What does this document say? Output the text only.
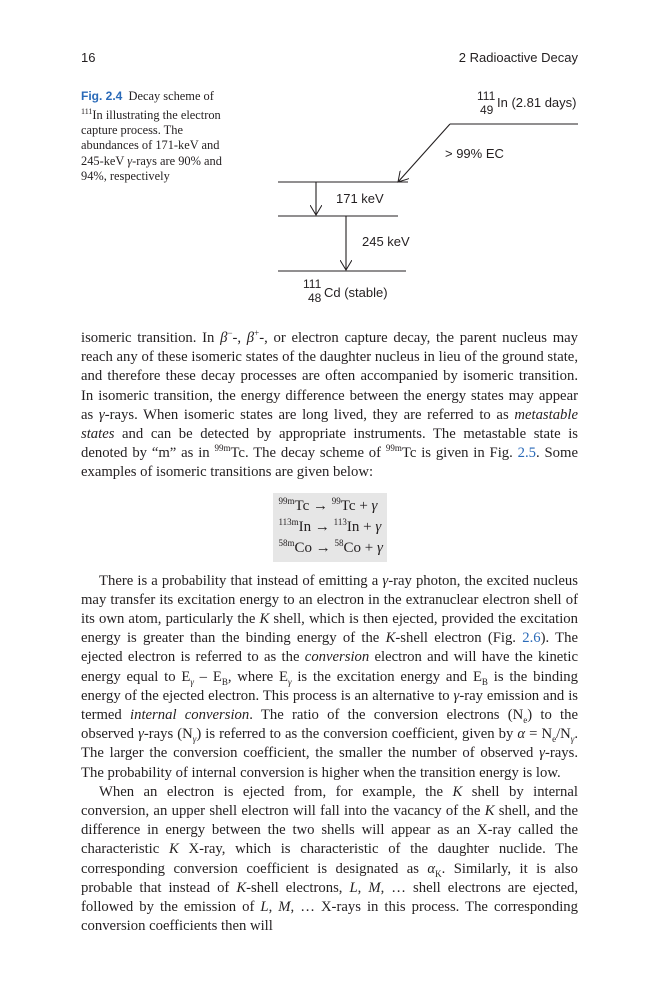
16	2 Radioactive Decay
Fig. 2.4 Decay scheme of
$^{111}$In illustrating the electron capture process. The abundances of 171-keV and 245-keV γ-rays are 90% and 94%, respectively
111
49 In (2.81 days)
> 99% EC
171 keV
245 keV
111
48 Cd (stable)

isomeric transition. In β−-, β+-, or electron capture decay, the parent nucleus may reach any of these isomeric states of the daughter nucleus in lieu of the ground state, and therefore these decay processes are often accompanied by isomeric transition. In isomeric transition, the energy difference between the energy states may appear as γ-rays. When isomeric states are long lived, they are referred to as metastable states and can be detected by appropriate instruments. The metastable state is denoted by “m” as in $^{99m}$Tc. The decay scheme of $^{99m}$Tc is given in Fig. 2.5. Some examples of isomeric transitions are given below:

$^{99m}$Tc → $^{99}$Tc + γ
$^{113m}$In → $^{113}$In + γ
$^{58m}$Co → $^{58}$Co + γ

There is a probability that instead of emitting a γ-ray photon, the excited nucleus may transfer its excitation energy to an electron in the extranuclear electron shell of its own atom, particularly the K shell, which is then ejected, provided the excitation energy is greater than the binding energy of the K-shell electron (Fig. 2.6). The ejected electron is referred to as the conversion electron and will have the kinetic energy equal to $E_\gamma - E_B$, where $E_\gamma$ is the excitation energy and $E_B$ is the binding energy of the ejected electron. This process is an alternative to γ-ray emission and is termed internal conversion. The ratio of the conversion electrons $(N_e)$ to the observed γ-rays $(N_\gamma)$ is referred to as the conversion coefficient, given by $\alpha = N_e/N_\gamma$. The larger the conversion coefficient, the smaller the number of observed γ-rays. The probability of internal conversion is higher when the transition energy is low.

When an electron is ejected from, for example, the K shell by internal conversion, an upper shell electron will fall into the vacancy of the K shell, and the difference in energy between the two shells will appear as an X-ray called the characteristic K X-ray, which is characteristic of the daughter nuclide. The corresponding conversion coefficient is designated as $\alpha_K$. Similarly, it is also probable that instead of K-shell electrons, L, M, … shell electrons are ejected, followed by the emission of L, M, … X-rays in this process. The corresponding conversion coefficients then will
